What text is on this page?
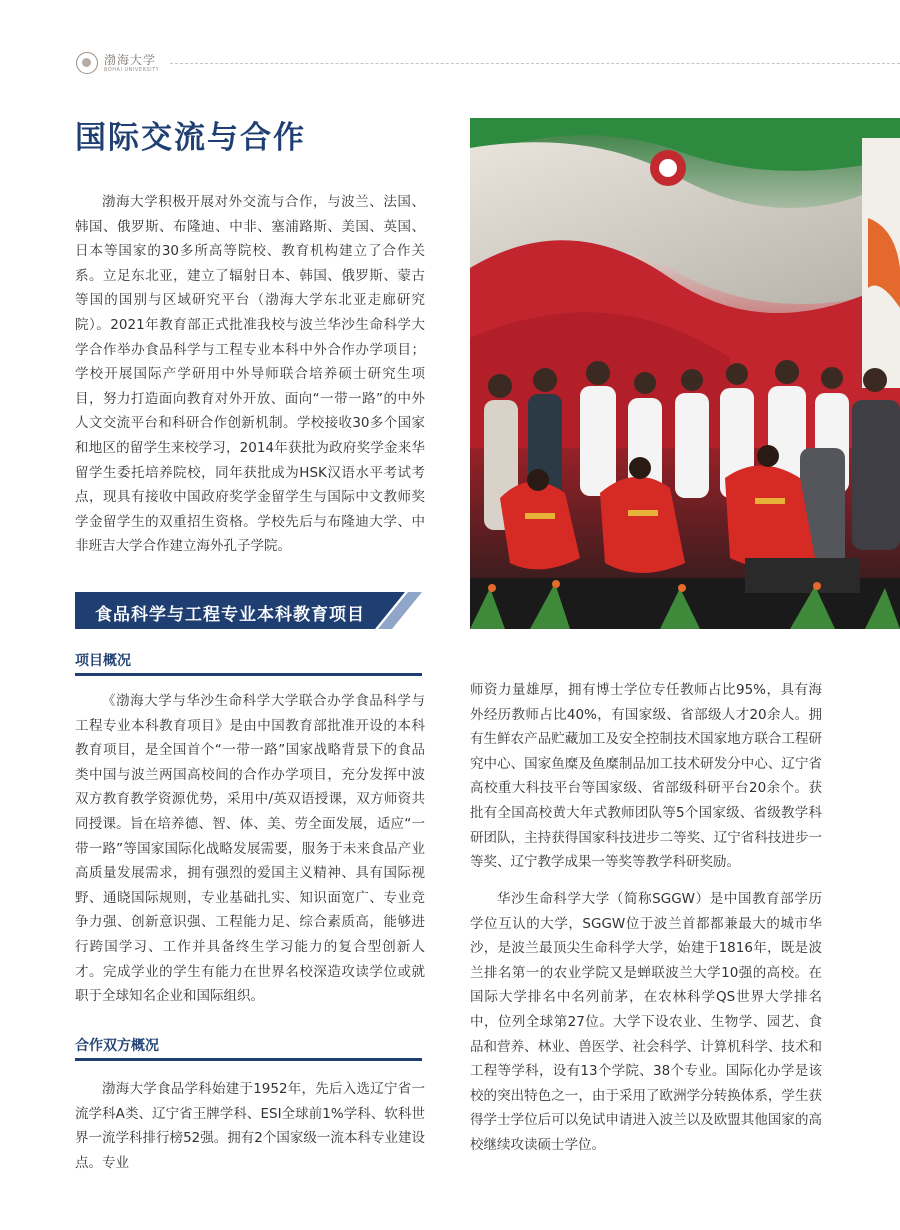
渤海大学
BOHAI UNIVERSITY
国际交流与合作

渤海大学积极开展对外交流与合作，与波兰、法国、韩国、俄罗斯、布隆迪、中非、塞浦路斯、美国、英国、日本等国家的30多所高等院校、教育机构建立了合作关系。立足东北亚，建立了辐射日本、韩国、俄罗斯、蒙古等国的国别与区域研究平台（渤海大学东北亚走廊研究院）。2021年教育部正式批准我校与波兰华沙生命科学大学合作举办食品科学与工程专业本科中外合作办学项目；学校开展国际产学研用中外导师联合培养硕士研究生项目，努力打造面向教育对外开放、面向“一带一路”的中外人文交流平台和科研合作创新机制。学校接收30多个国家和地区的留学生来校学习，2014年获批为政府奖学金来华留学生委托培养院校，同年获批成为HSK汉语水平考试考点，现具有接收中国政府奖学金留学生与国际中文教师奖学金留学生的双重招生资格。学校先后与布隆迪大学、中非班吉大学合作建立海外孔子学院。

食品科学与工程专业本科教育项目
项目概况

《渤海大学与华沙生命科学大学联合办学食品科学与工程专业本科教育项目》是由中国教育部批准开设的本科教育项目，是全国首个“一带一路”国家战略背景下的食品类中国与波兰两国高校间的合作办学项目，充分发挥中波双方教育教学资源优势，采用中/英双语授课，双方师资共同授课。旨在培养德、智、体、美、劳全面发展，适应“一带一路”等国家国际化战略发展需要，服务于未来食品产业高质量发展需求，拥有强烈的爱国主义精神、具有国际视野、通晓国际规则，专业基础扎实、知识面宽广、专业竞争力强、创新意识强、工程能力足、综合素质高，能够进行跨国学习、工作并具备终生学习能力的复合型创新人才。完成学业的学生有能力在世界名校深造攻读学位或就职于全球知名企业和国际组织。

合作双方概况

渤海大学食品学科始建于1952年，先后入选辽宁省一流学科A类、辽宁省王牌学科、ESI全球前1%学科、软科世界一流学科排行榜52强。拥有2个国家级一流本科专业建设点。专业

师资力量雄厚，拥有博士学位专任教师占比95%，具有海外经历教师占比40%，有国家级、省部级人才20余人。拥有生鲜农产品贮藏加工及安全控制技术国家地方联合工程研究中心、国家鱼糜及鱼糜制品加工技术研发分中心、辽宁省高校重大科技平台等国家级、省部级科研平台20余个。获批有全国高校黄大年式教师团队等5个国家级、省级教学科研团队，主持获得国家科技进步二等奖、辽宁省科技进步一等奖、辽宁教学成果一等奖等教学科研奖励。

华沙生命科学大学（简称SGGW）是中国教育部学历学位互认的大学，SGGW位于波兰首都都兼最大的城市华沙，是波兰最顶尖生命科学大学，始建于1816年，既是波兰排名第一的农业学院又是蝉联波兰大学10强的高校。在国际大学排名中名列前茅，在农林科学QS世界大学排名中，位列全球第27位。大学下设农业、生物学、园艺、食品和营养、林业、兽医学、社会科学、计算机科学、技术和工程等学科，设有13个学院、38个专业。国际化办学是该校的突出特色之一，由于采用了欧洲学分转换体系，学生获得学士学位后可以免试申请进入波兰以及欧盟其他国家的高校继续攻读硕士学位。
